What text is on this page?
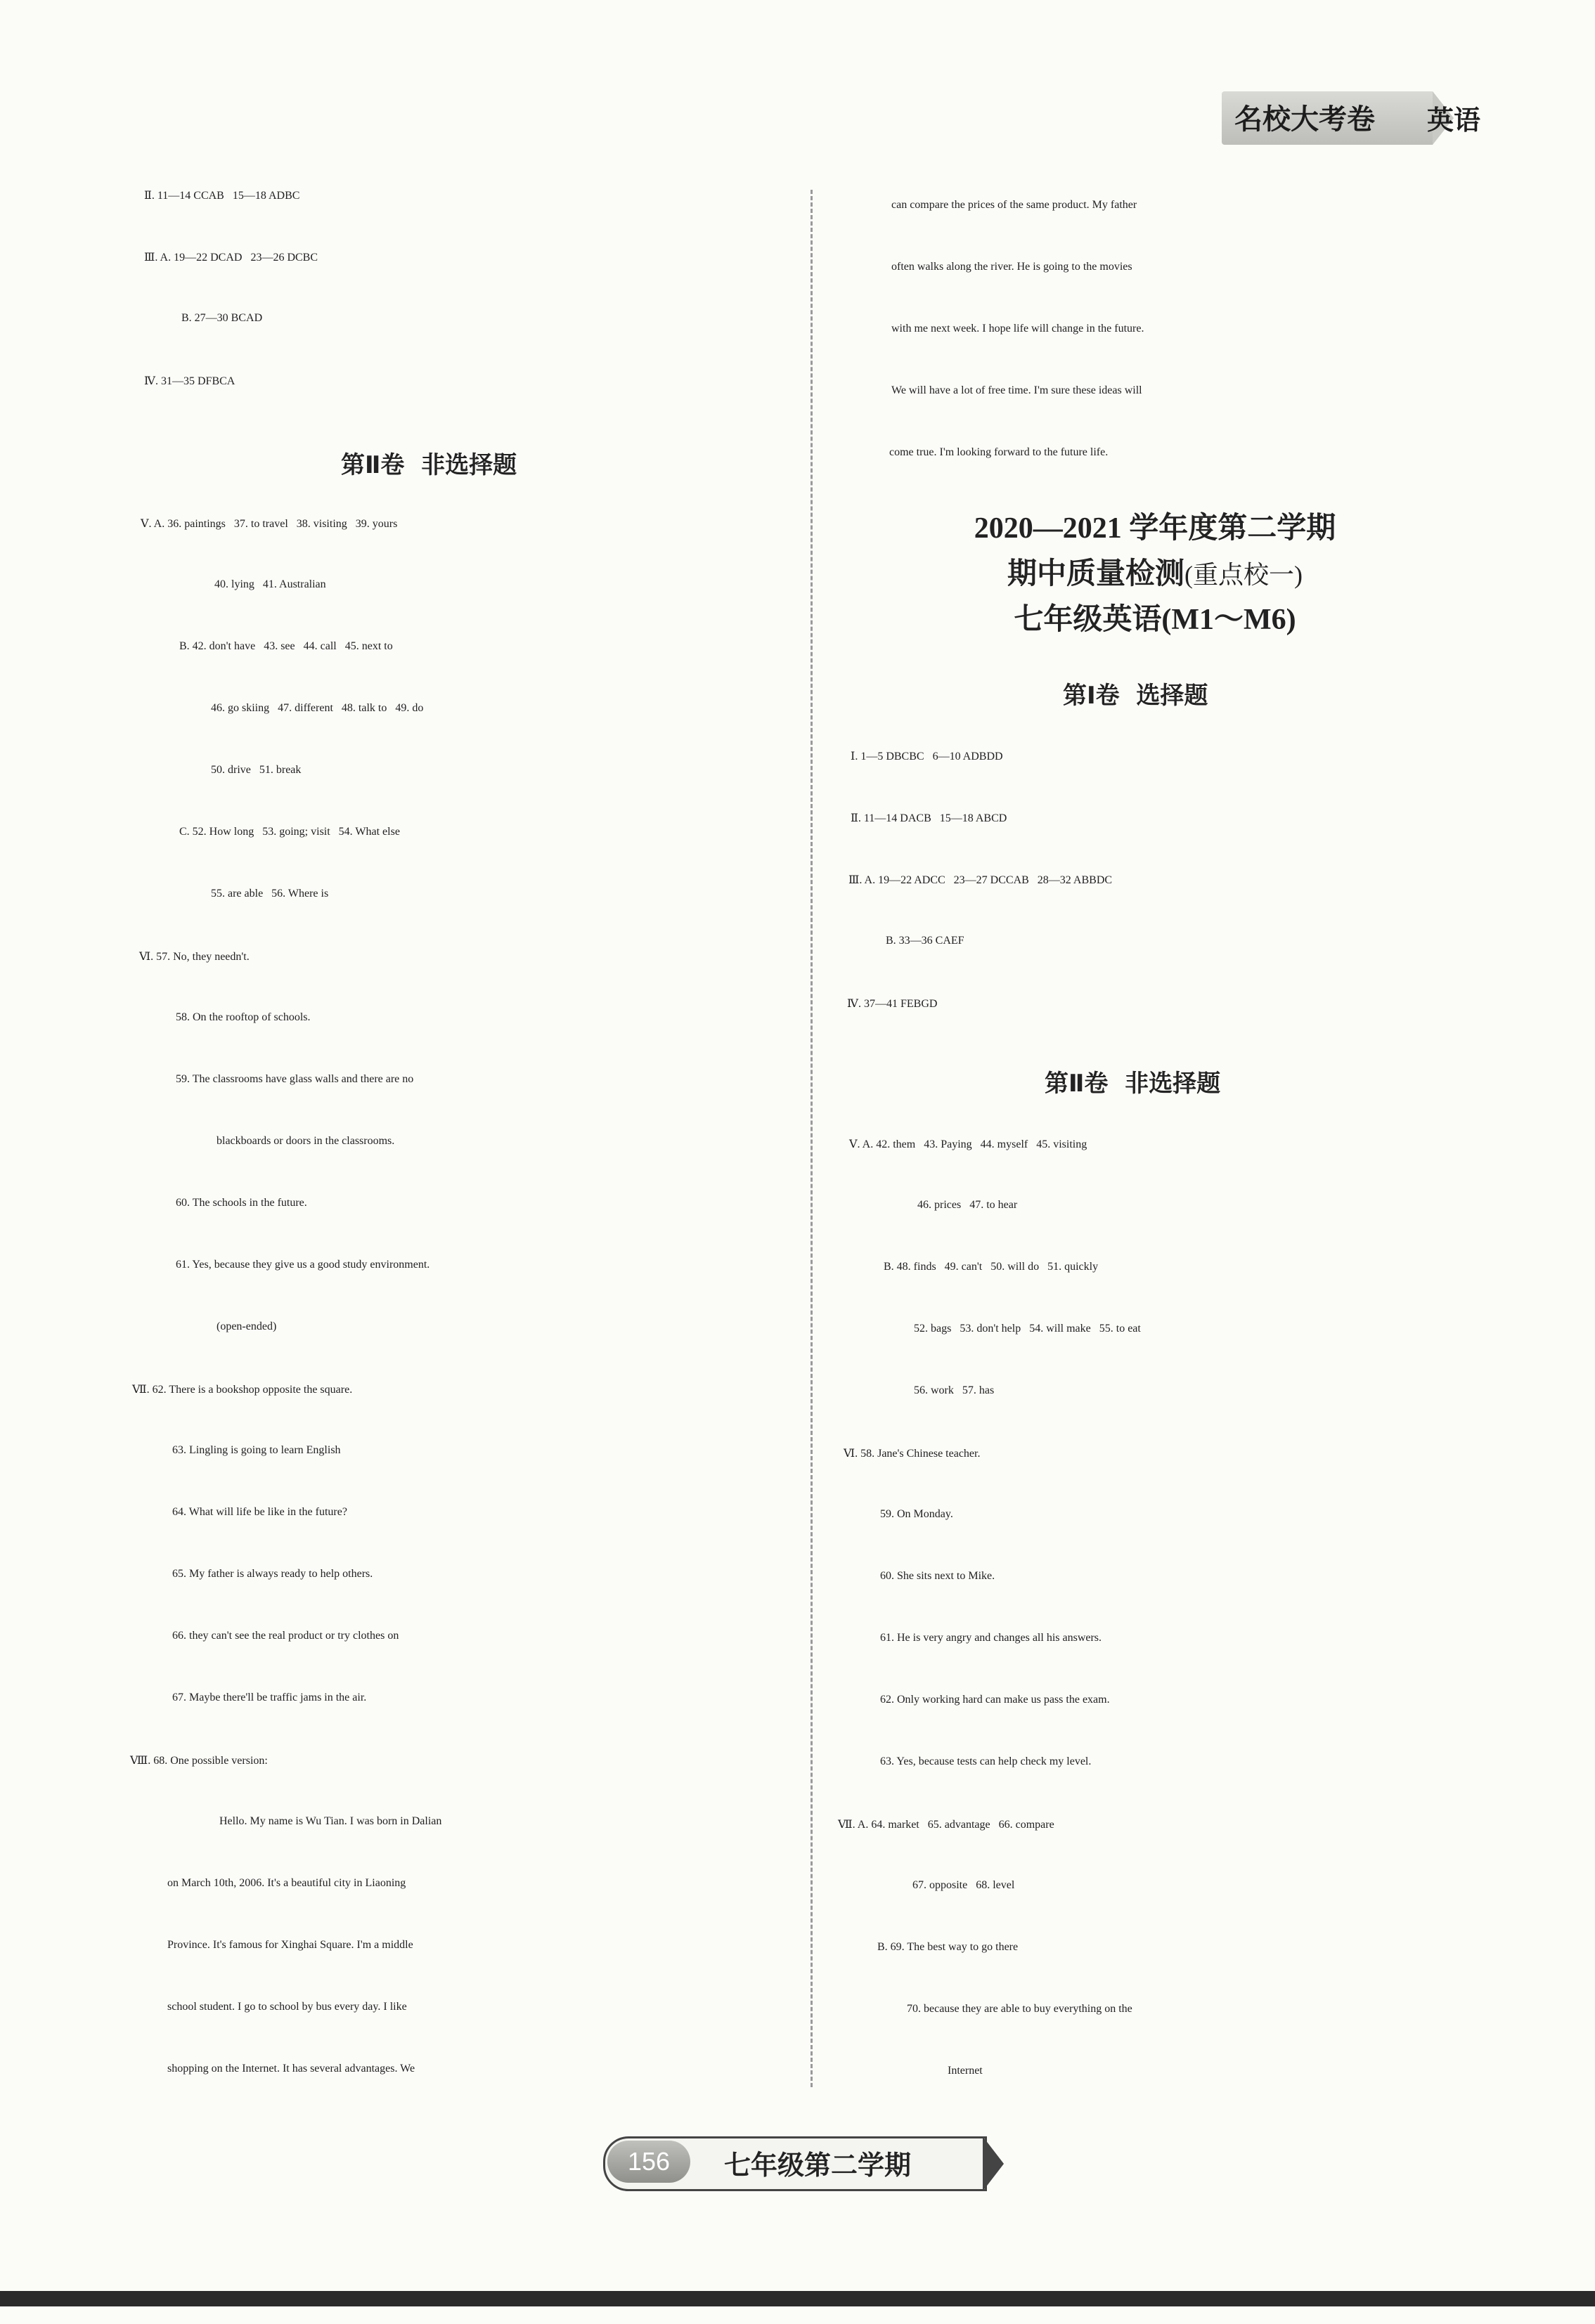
名校大考卷 英语
Ⅱ. 11—14 CCAB   15—18 ADBC
Ⅲ. A. 19—22 DCAD   23—26 DCBC
B. 27—30 BCAD
Ⅳ. 31—35 DFBCA
第Ⅱ卷  非选择题
Ⅴ. A. 36. paintings   37. to travel   38. visiting   39. yours
40. lying   41. Australian
B. 42. don't have   43. see   44. call   45. next to
46. go skiing   47. different   48. talk to   49. do
50. drive   51. break
C. 52. How long   53. going; visit   54. What else
55. are able   56. Where is
Ⅵ. 57. No, they needn't.
58. On the rooftop of schools.
59. The classrooms have glass walls and there are no
blackboards or doors in the classrooms.
60. The schools in the future.
61. Yes, because they give us a good study environment.
(open-ended)
Ⅶ. 62. There is a bookshop opposite the square.
63. Lingling is going to learn English
64. What will life be like in the future?
65. My father is always ready to help others.
66. they can't see the real product or try clothes on
67. Maybe there'll be traffic jams in the air.
Ⅷ. 68. One possible version:
Hello. My name is Wu Tian. I was born in Dalian
on March 10th, 2006. It's a beautiful city in Liaoning
Province. It's famous for Xinghai Square. I'm a middle
school student. I go to school by bus every day. I like
shopping on the Internet. It has several advantages. We
can compare the prices of the same product. My father
often walks along the river. He is going to the movies
with me next week. I hope life will change in the future.
We will have a lot of free time. I'm sure these ideas will
come true. I'm looking forward to the future life.
2020—2021 学年度第二学期
期中质量检测(重点校一)
七年级英语(M1～M6)
第Ⅰ卷  选择题
Ⅰ. 1—5 DBCBC   6—10 ADBDD
Ⅱ. 11—14 DACB   15—18 ABCD
Ⅲ. A. 19—22 ADCC   23—27 DCCAB   28—32 ABBDC
B. 33—36 CAEF
Ⅳ. 37—41 FEBGD
第Ⅱ卷  非选择题
Ⅴ. A. 42. them   43. Paying   44. myself   45. visiting
46. prices   47. to hear
B. 48. finds   49. can't   50. will do   51. quickly
52. bags   53. don't help   54. will make   55. to eat
56. work   57. has
Ⅵ. 58. Jane's Chinese teacher.
59. On Monday.
60. She sits next to Mike.
61. He is very angry and changes all his answers.
62. Only working hard can make us pass the exam.
63. Yes, because tests can help check my level.
Ⅶ. A. 64. market   65. advantage   66. compare
67. opposite   68. level
B. 69. The best way to go there
70. because they are able to buy everything on the
Internet
156	七年级第二学期
